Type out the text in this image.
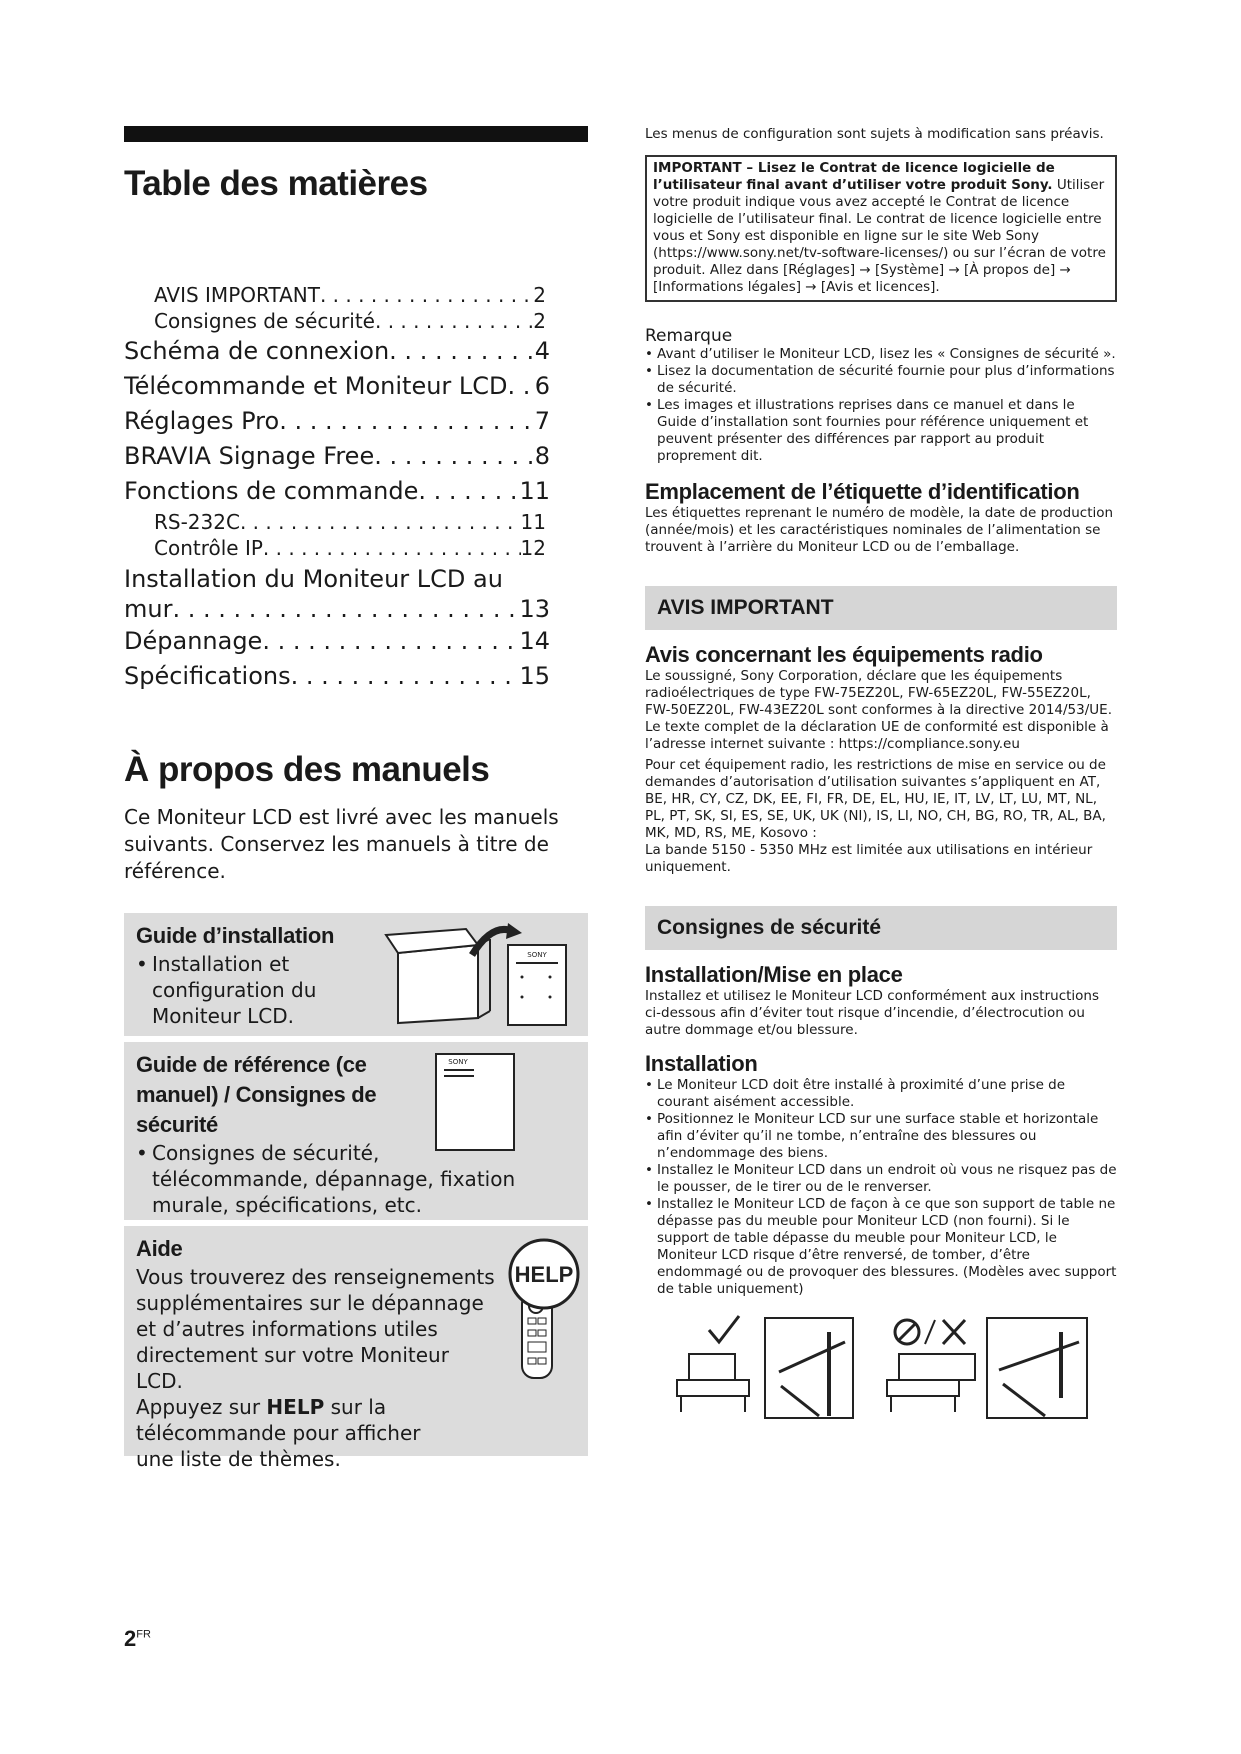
Table des matières
AVIS IMPORTANT . . .	2
Consignes de sécurité . . .	2
Schéma de connexion . . .	4
Télécommande et Moniteur LCD . . . 6
Réglages Pro . . .	7
BRAVIA Signage Free . . .	8
Fonctions de commande . . .	11
RS-232C . . .	11
Contrôle IP . . .	12
Installation du Moniteur LCD au
mur . . .	13
Dépannage . . .	14
Spécifications . . .	15
À propos des manuels
Ce Moniteur LCD est livré avec les manuels suivants. Conservez les manuels à titre de référence.
Guide d’installation
• Installation et configuration du Moniteur LCD.
SONY
Guide de référence (ce manuel) / Consignes de sécurité
• Consignes de sécurité, télécommande, dépannage, fixation murale, spécifications, etc.
SONY
Aide
Vous trouverez des renseignements supplémentaires sur le dépannage et d’autres informations utiles directement sur votre Moniteur LCD.
Appuyez sur HELP sur la télécommande pour afficher une liste de thèmes.
HELP
$2^{FR}$
Les menus de configuration sont sujets à modification sans préavis.
IMPORTANT – Lisez le Contrat de licence logicielle de l’utilisateur final avant d’utiliser votre produit Sony. Utiliser votre produit indique vous avez accepté le Contrat de licence logicielle de l’utilisateur final. Le contrat de licence logicielle entre vous et Sony est disponible en ligne sur le site Web Sony (https://www.sony.net/tv-software-licenses/) ou sur l’écran de votre produit. Allez dans [Réglages] → [Système] → [À propos de] → [Informations légales] → [Avis et licences].
Remarque
• Avant d’utiliser le Moniteur LCD, lisez les « Consignes de sécurité ».
• Lisez la documentation de sécurité fournie pour plus d’informations de sécurité.
• Les images et illustrations reprises dans ce manuel et dans le Guide d’installation sont fournies pour référence uniquement et peuvent présenter des différences par rapport au produit proprement dit.
Emplacement de l’étiquette d’identification
Les étiquettes reprenant le numéro de modèle, la date de production (année/mois) et les caractéristiques nominales de l’alimentation se trouvent à l’arrière du Moniteur LCD ou de l’emballage.
AVIS IMPORTANT
Avis concernant les équipements radio
Le soussigné, Sony Corporation, déclare que les équipements radioélectriques de type FW-75EZ20L, FW-65EZ20L, FW-55EZ20L, FW-50EZ20L, FW-43EZ20L sont conformes à la directive 2014/53/UE. Le texte complet de la déclaration UE de conformité est disponible à l’adresse internet suivante : https://compliance.sony.eu
Pour cet équipement radio, les restrictions de mise en service ou de demandes d’autorisation d’utilisation suivantes s’appliquent en AT, BE, HR, CY, CZ, DK, EE, FI, FR, DE, EL, HU, IE, IT, LV, LT, LU, MT, NL, PL, PT, SK, SI, ES, SE, UK, UK (NI), IS, LI, NO, CH, BG, RO, TR, AL, BA, MK, MD, RS, ME, Kosovo :
La bande 5150 - 5350 MHz est limitée aux utilisations en intérieur uniquement.
Consignes de sécurité
Installation/Mise en place
Installez et utilisez le Moniteur LCD conformément aux instructions ci-dessous afin d’éviter tout risque d’incendie, d’électrocution ou autre dommage et/ou blessure.
Installation
• Le Moniteur LCD doit être installé à proximité d’une prise de courant aisément accessible.
• Positionnez le Moniteur LCD sur une surface stable et horizontale afin d’éviter qu’il ne tombe, n’entraîne des blessures ou n’endommage des biens.
• Installez le Moniteur LCD dans un endroit où vous ne risquez pas de le pousser, de le tirer ou de le renverser.
• Installez le Moniteur LCD de façon à ce que son support de table ne dépasse pas du meuble pour Moniteur LCD (non fourni). Si le support de table dépasse du meuble pour Moniteur LCD, le Moniteur LCD risque d’être renversé, de tomber, d’être endommagé ou de provoquer des blessures. (Modèles avec support de table uniquement)
